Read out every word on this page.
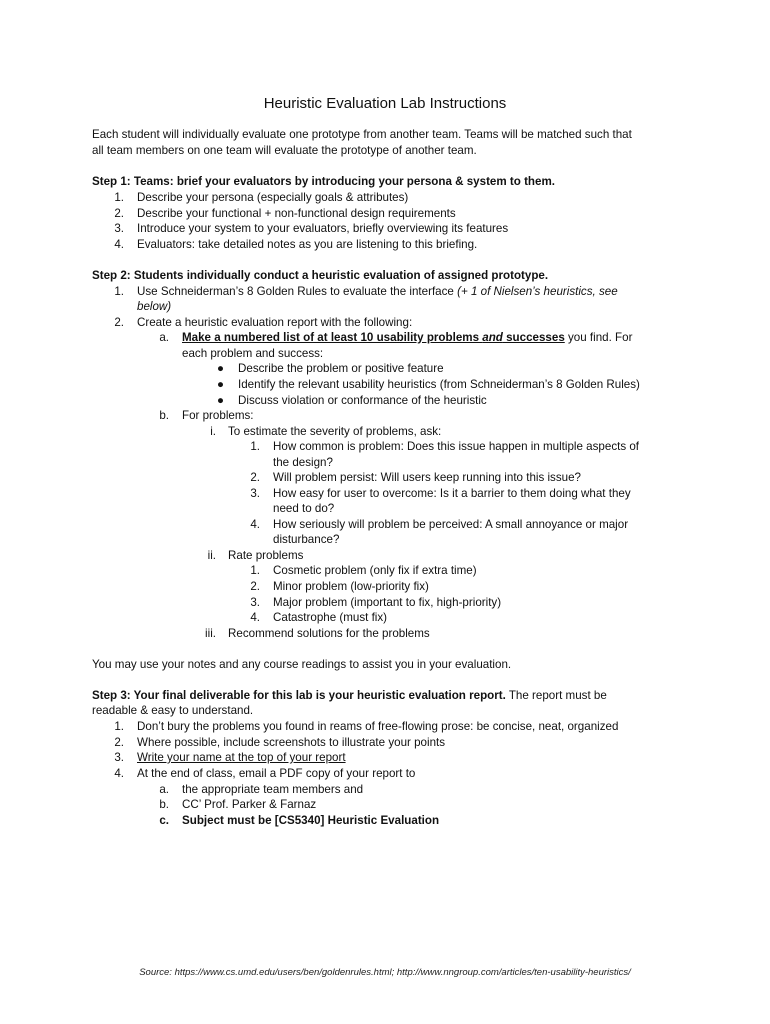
Heuristic Evaluation Lab Instructions
Each student will individually evaluate one prototype from another team. Teams will be matched such that
all team members on one team will evaluate the prototype of another team.
Step 1: Teams: brief your evaluators by introducing your persona & system to them.
1. Describe your persona (especially goals & attributes)
2. Describe your functional + non-functional design requirements
3. Introduce your system to your evaluators, briefly overviewing its features
4. Evaluators: take detailed notes as you are listening to this briefing.
Step 2: Students individually conduct a heuristic evaluation of assigned prototype.
1. Use Schneiderman’s 8 Golden Rules to evaluate the interface (+ 1 of Nielsen’s heuristics, see
below)
2. Create a heuristic evaluation report with the following:
a. Make a numbered list of at least 10 usability problems and successes you find. For
each problem and success:
● Describe the problem or positive feature
● Identify the relevant usability heuristics (from Schneiderman’s 8 Golden Rules)
● Discuss violation or conformance of the heuristic
b. For problems:
i. To estimate the severity of problems, ask:
1. How common is problem: Does this issue happen in multiple aspects of
the design?
2. Will problem persist: Will users keep running into this issue?
3. How easy for user to overcome: Is it a barrier to them doing what they
need to do?
4. How seriously will problem be perceived: A small annoyance or major
disturbance?
ii. Rate problems
1. Cosmetic problem (only fix if extra time)
2. Minor problem (low-priority fix)
3. Major problem (important to fix, high-priority)
4. Catastrophe (must fix)
iii. Recommend solutions for the problems
You may use your notes and any course readings to assist you in your evaluation.
Step 3: Your final deliverable for this lab is your heuristic evaluation report. The report must be
readable & easy to understand.
1. Don’t bury the problems you found in reams of free-flowing prose: be concise, neat, organized
2. Where possible, include screenshots to illustrate your points
3. Write your name at the top of your report
4. At the end of class, email a PDF copy of your report to
a. the appropriate team members and
b. CC’ Prof. Parker & Farnaz
c. Subject must be [CS5340] Heuristic Evaluation
Source: https://www.cs.umd.edu/users/ben/goldenrules.html; http://www.nngroup.com/articles/ten-usability-heuristics/
